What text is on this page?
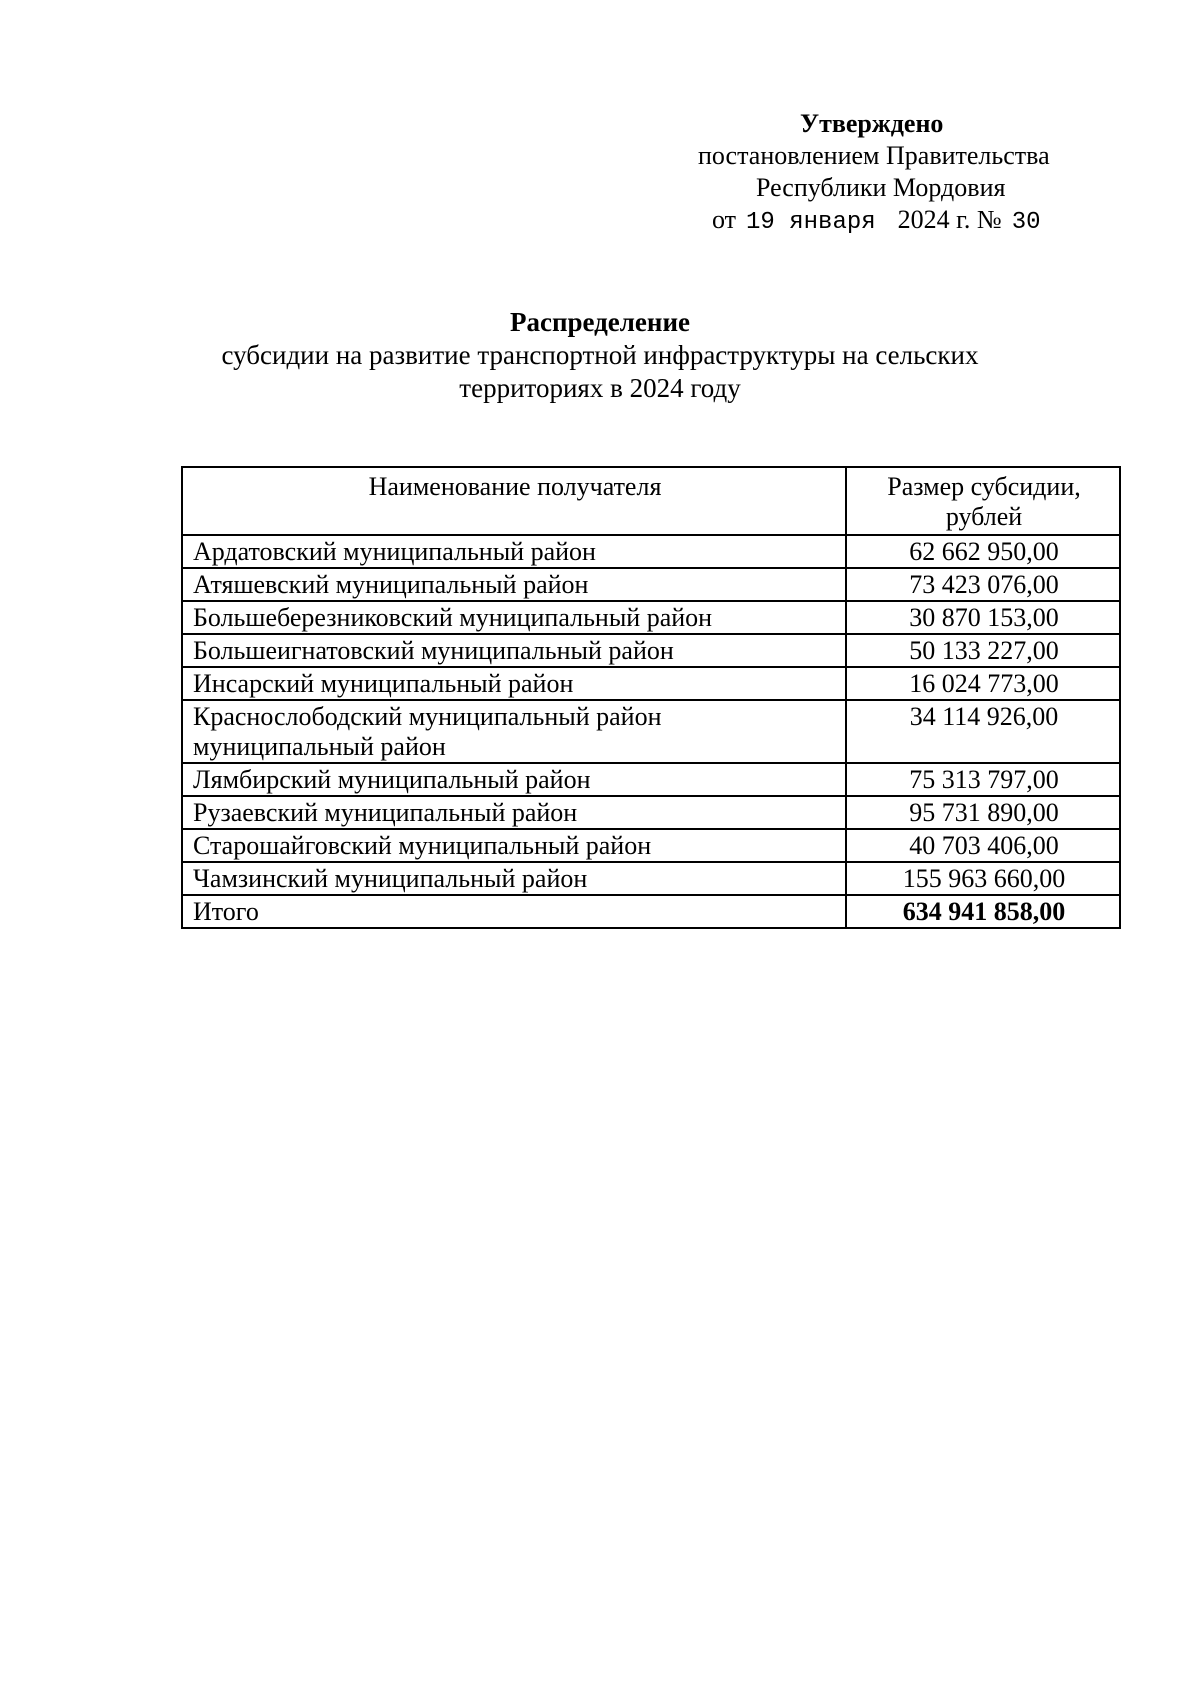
Утверждено
постановлением Правительства
Республики Мордовия
от 19 января 2024 г. № 30
Распределение
субсидии на развитие транспортной инфраструктуры на сельских
территориях в 2024 году
Наименование получателя	Размер субсидии,
рублей
Ардатовский муниципальный район	62 662 950,00
Атяшевский муниципальный район	73 423 076,00
Большеберезниковский муниципальный район	30 870 153,00
Большеигнатовский муниципальный район	50 133 227,00
Инсарский муниципальный район	16 024 773,00
Краснослободский муниципальный район
муниципальный район	34 114 926,00
Лямбирский муниципальный район	75 313 797,00
Рузаевский муниципальный район	95 731 890,00
Старошайговский муниципальный район	40 703 406,00
Чамзинский муниципальный район	155 963 660,00
Итого	634 941 858,00
